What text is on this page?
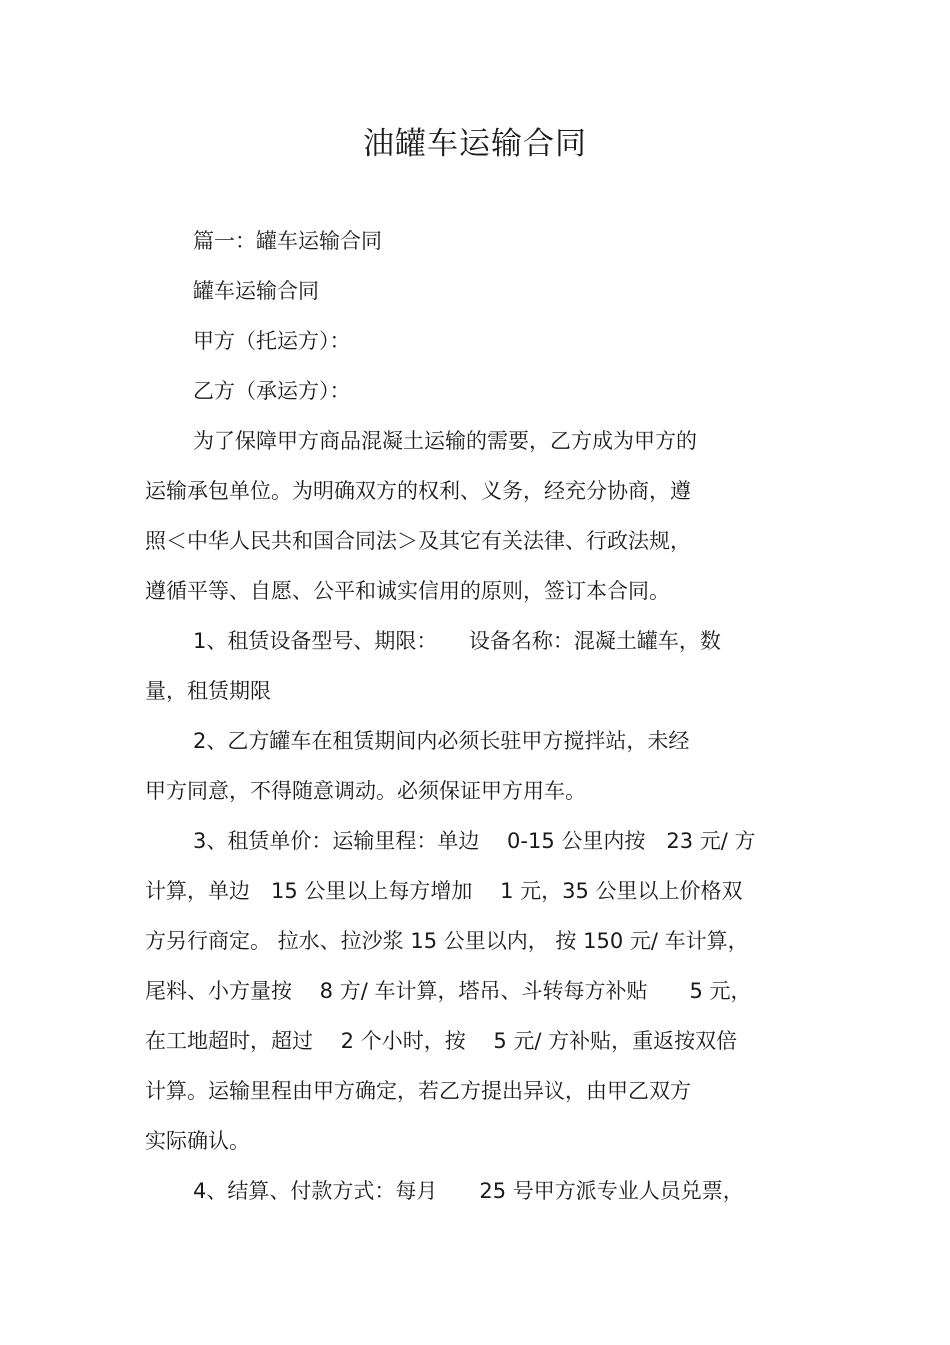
油罐车运输合同
篇一：罐车运输合同
罐车运输合同
甲方（托运方）：
乙方（承运方）：
为了保障甲方商品混凝土运输的需要，乙方成为甲方的
运输承包单位。为明确双方的权利、义务，经充分协商，遵
照＜中华人民共和国合同法＞及其它有关法律、行政法规，
遵循平等、自愿、公平和诚实信用的原则，签订本合同。
1、租赁设备型号、期限：　　设备名称：混凝土罐车，数
量，租赁期限
2、乙方罐车在租赁期间内必须长驻甲方搅拌站，未经
甲方同意，不得随意调动。必须保证甲方用车。
3、租赁单价：运输里程：单边　 0-15 公里内按　23 元/ 方
计算，单边　15 公里以上每方增加　 1 元，35 公里以上价格双
方另行商定。 拉水、拉沙浆 15 公里以内， 按 150 元/ 车计算，
尾料、小方量按　 8 方/ 车计算，塔吊、斗转每方补贴　　5 元，
在工地超时，超过　 2 个小时，按　 5 元/ 方补贴，重返按双倍
计算。运输里程由甲方确定，若乙方提出异议，由甲乙双方
实际确认。
4、结算、付款方式：每月　　25 号甲方派专业人员兑票，
